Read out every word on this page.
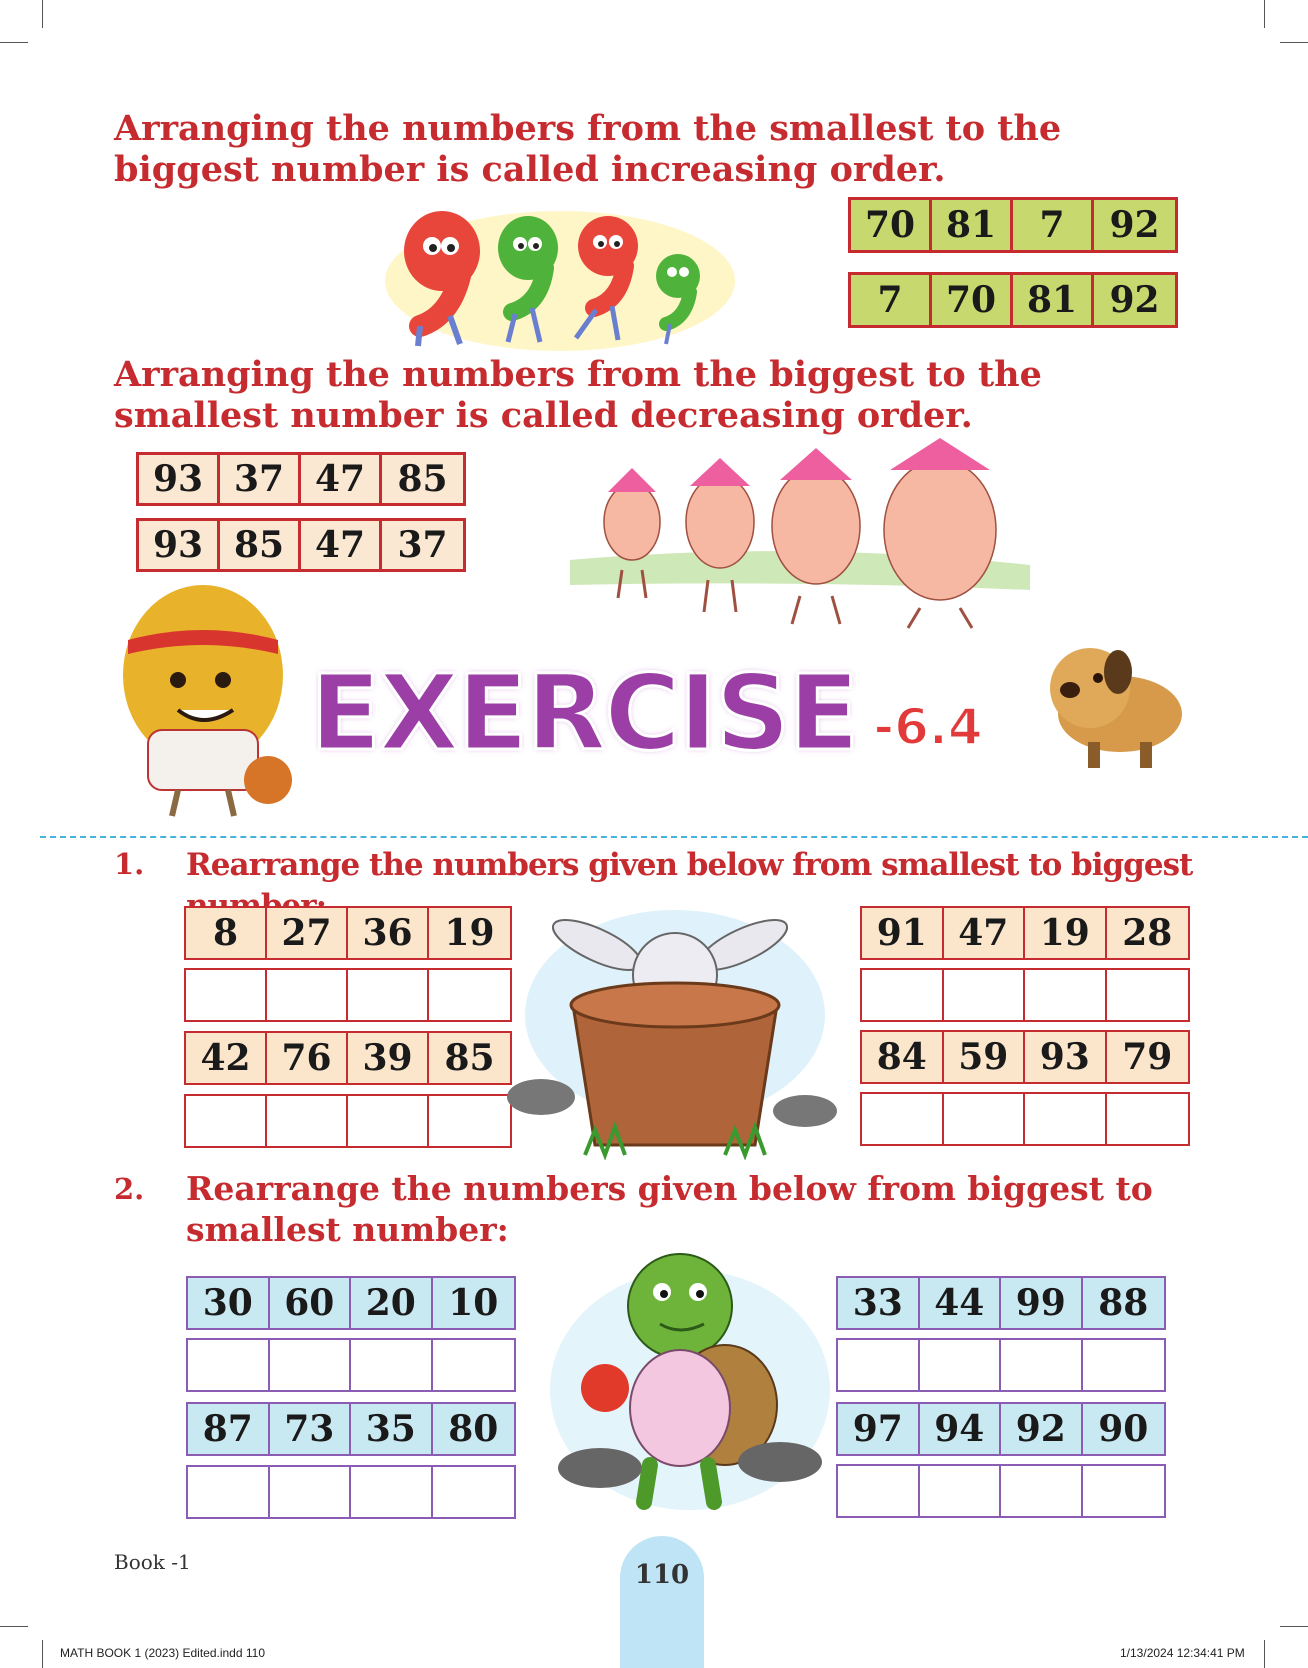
Arranging the numbers from the smallest to the biggest number is called increasing order.
70 81	7	92
7	70 81 92
Arranging the numbers from the biggest to the smallest number is called decreasing order.
93 37 47 85
93 85 47 37
EXERCISE -6.4
1. Rearrange the numbers given below from smallest to biggest
8	27 36 19
42 76 39 85
91 47 19 28
84 59 93 79
2. Rearrange the numbers given below from biggest to smallest number:
30 60 20 10
87 73 35 80
33 44 99 88
97 94 92 90
Book -1	110
MATH BOOK 1 (2023) Edited.indd 110	1/13/2024 12:34:41 PM
